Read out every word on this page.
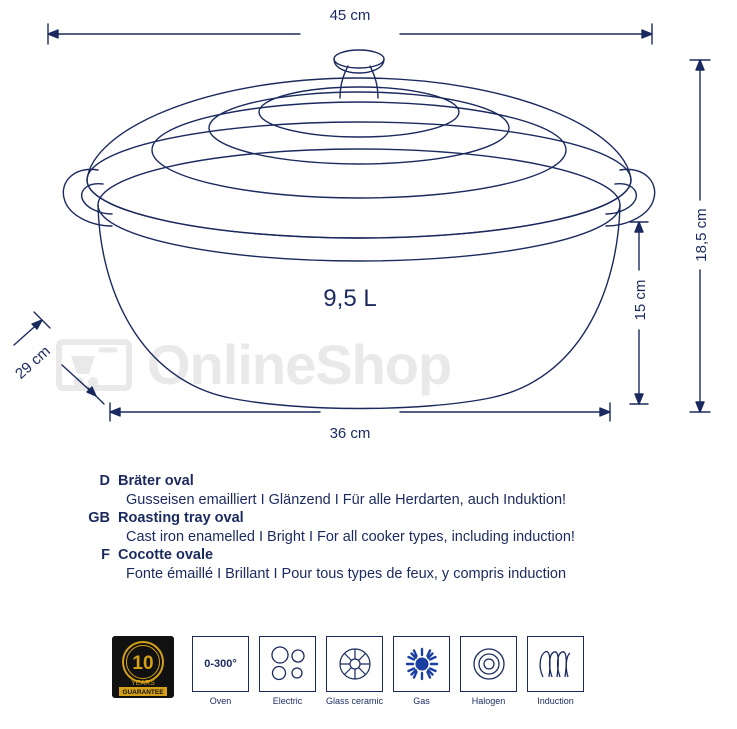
OnlineShop
45 cm
36 cm
18,5 cm
15 cm
29 cm
9,5 L
D Bräter oval
Gusseisen emailliert I Glänzend I Für alle Herdarten, auch Induktion!
GB Roasting tray oval
Cast iron enamelled I Bright I For all cooker types, including induction!
F Cocotte ovale
Fonte émaillé I Brillant I Pour tous types de feux, y compris induction
10
YEARS
GUARANTEE
0-300°
Oven	Electric	Glass ceramic	Gas	Halogen	Induction
